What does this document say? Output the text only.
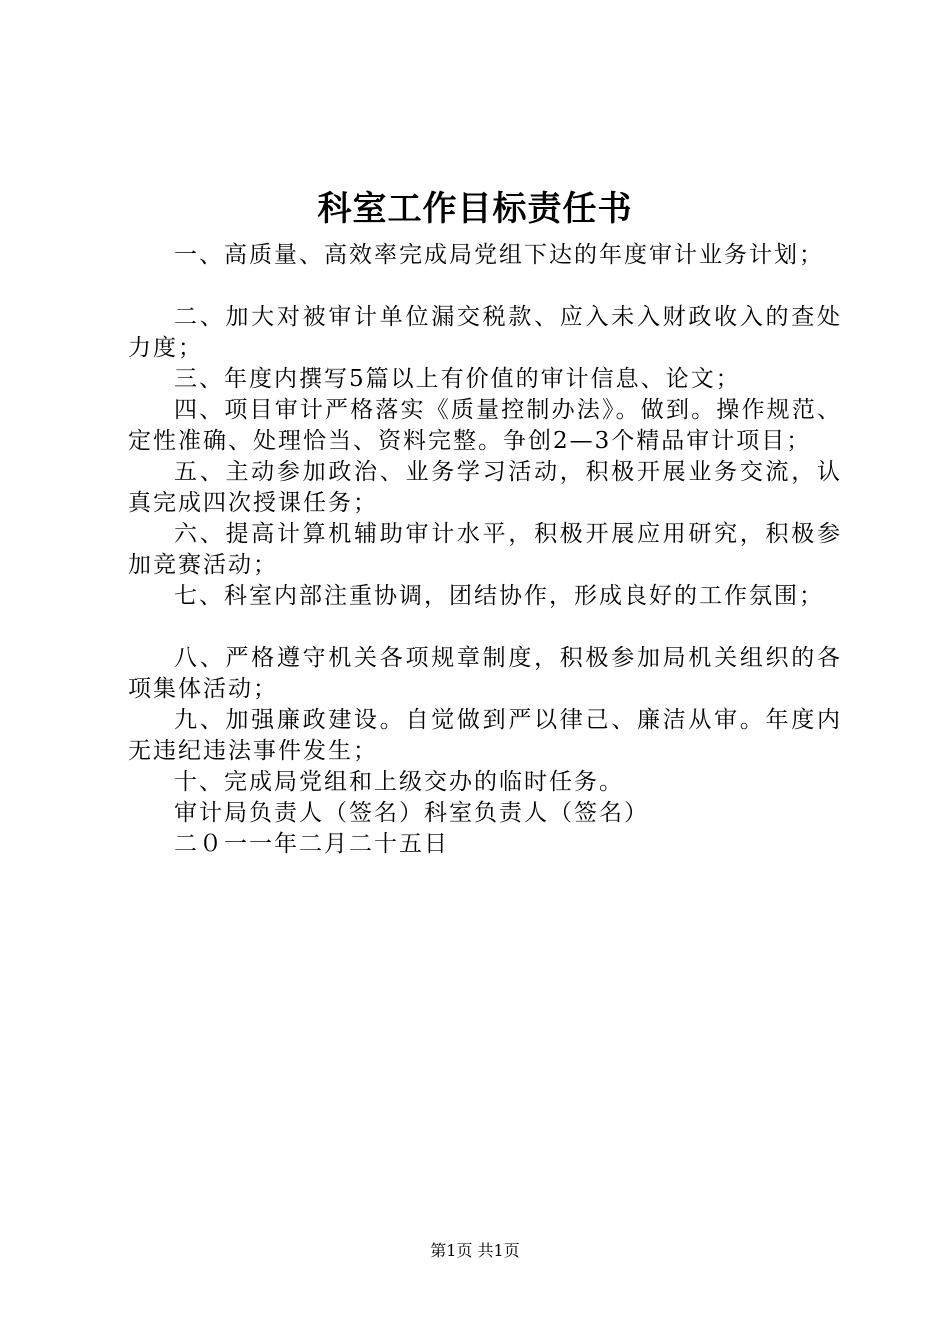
科室工作目标责任书

一、高质量、高效率完成局党组下达的年度审计业务计划；

二、加大对被审计单位漏交税款、应入未入财政收入的查处力度；

三、年度内撰写5篇以上有价值的审计信息、论文；

四、项目审计严格落实《质量控制办法》。做到。操作规范、定性准确、处理恰当、资料完整。争创2—3个精品审计项目；

五、主动参加政治、业务学习活动，积极开展业务交流，认真完成四次授课任务；

六、提高计算机辅助审计水平，积极开展应用研究，积极参加竞赛活动；

七、科室内部注重协调，团结协作，形成良好的工作氛围；

八、严格遵守机关各项规章制度，积极参加局机关组织的各项集体活动；

九、加强廉政建设。自觉做到严以律己、廉洁从审。年度内无违纪违法事件发生；

十、完成局党组和上级交办的临时任务。

审计局负责人（签名）科室负责人（签名）

二０一一年二月二十五日

第1页 共1页
